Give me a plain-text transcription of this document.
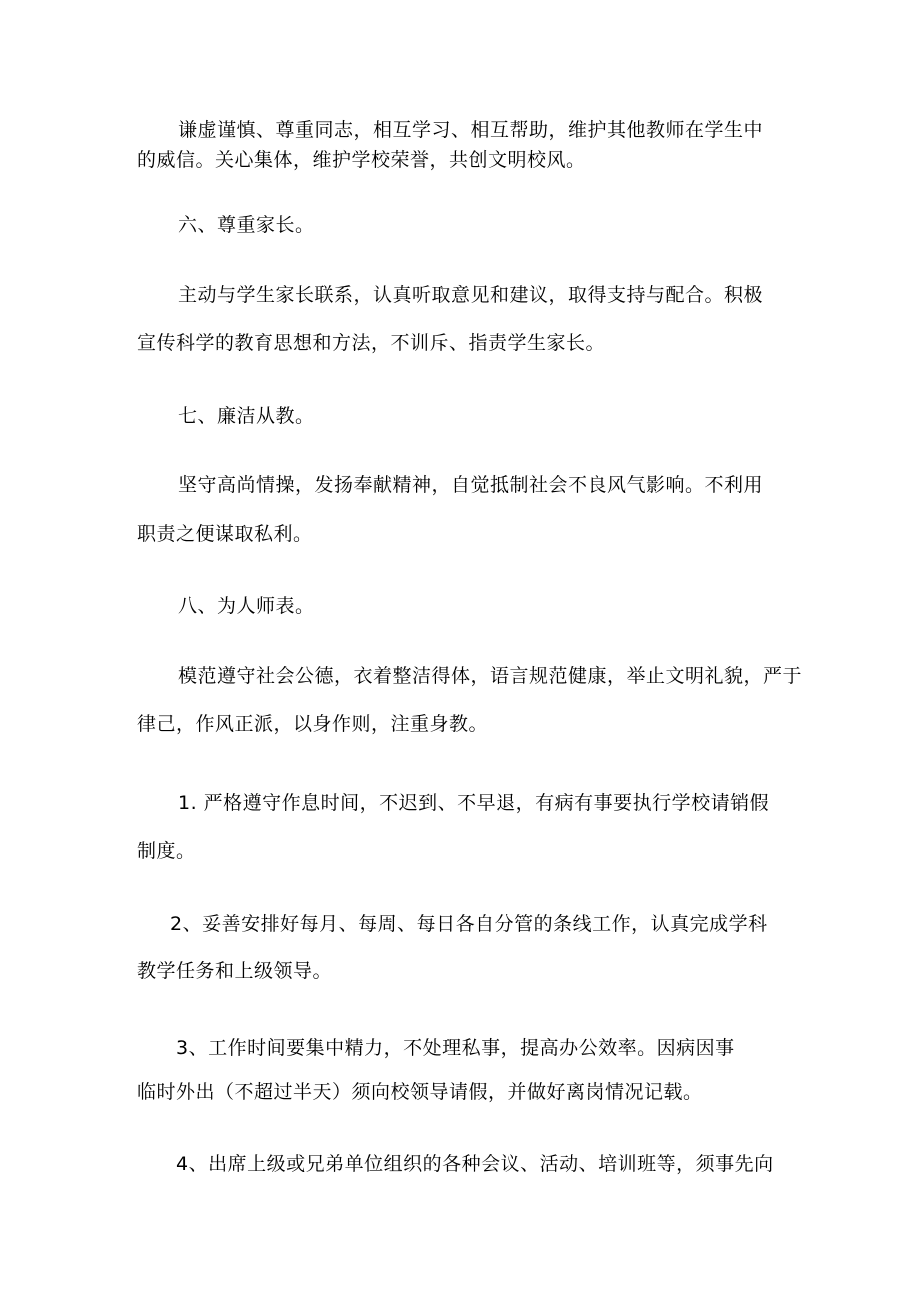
谦虚谨慎、尊重同志，相互学习、相互帮助，维护其他教师在学生中
的威信。关心集体，维护学校荣誉，共创文明校风。
六、尊重家长。
主动与学生家长联系，认真听取意见和建议，取得支持与配合。积极
宣传科学的教育思想和方法，不训斥、指责学生家长。
七、廉洁从教。
坚守高尚情操，发扬奉献精神，自觉抵制社会不良风气影响。不利用
职责之便谋取私利。
八、为人师表。
模范遵守社会公德，衣着整洁得体，语言规范健康，举止文明礼貌，严于
律己，作风正派，以身作则，注重身教。
1. 严格遵守作息时间，不迟到、不早退，有病有事要执行学校请销假
制度。
2、妥善安排好每月、每周、每日各自分管的条线工作，认真完成学科
教学任务和上级领导。
3、工作时间要集中精力，不处理私事，提高办公效率。因病因事
临时外出（不超过半天）须向校领导请假，并做好离岗情况记载。
4、出席上级或兄弟单位组织的各种会议、活动、培训班等，须事先向
